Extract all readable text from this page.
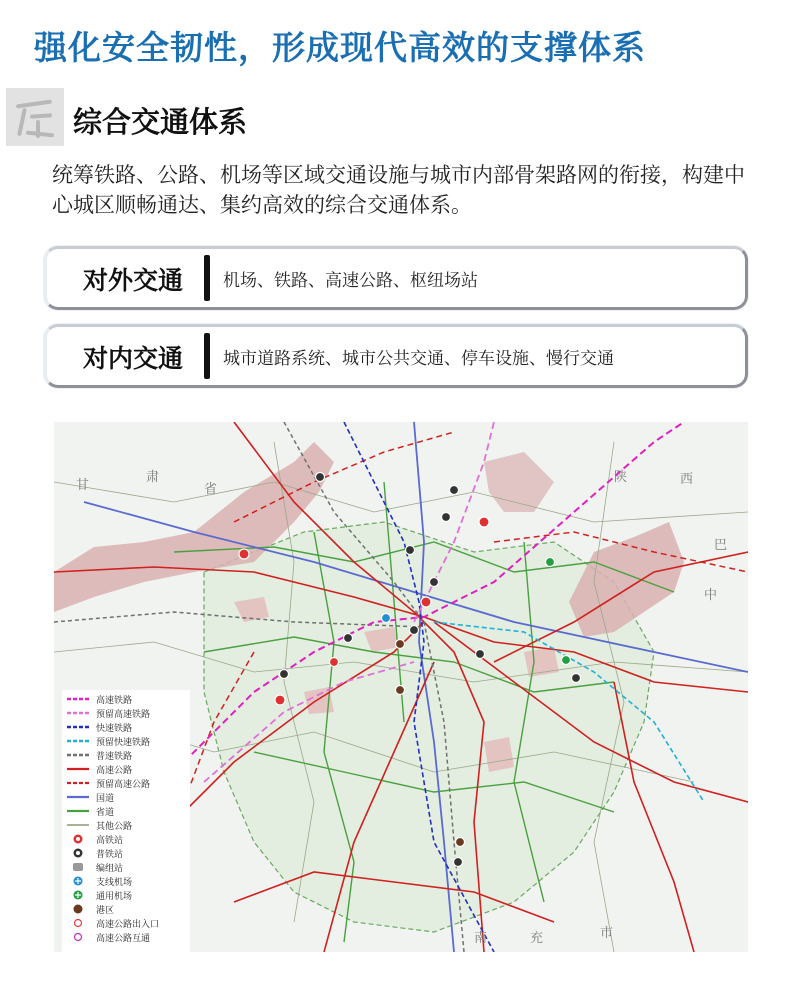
强化安全韧性，形成现代高效的支撑体系
综合交通体系
统筹铁路、公路、机场等区域交通设施与城市内部骨架路网的衔接，构建中心城区顺畅通达、集约高效的综合交通体系。
对外交通 机场、铁路、高速公路、枢纽场站
对内交通 城市道路系统、城市公共交通、停车设施、慢行交通
甘
肃
省
陕	西
巴
中
南	充	市
高速铁路
预留高速铁路
快速铁路
预留快速铁路
普速铁路
高速公路
预留高速公路
国道
省道
其他公路
高铁站
普铁站
编组站
支线机场
通用机场
港区
高速公路出入口
高速公路互通
